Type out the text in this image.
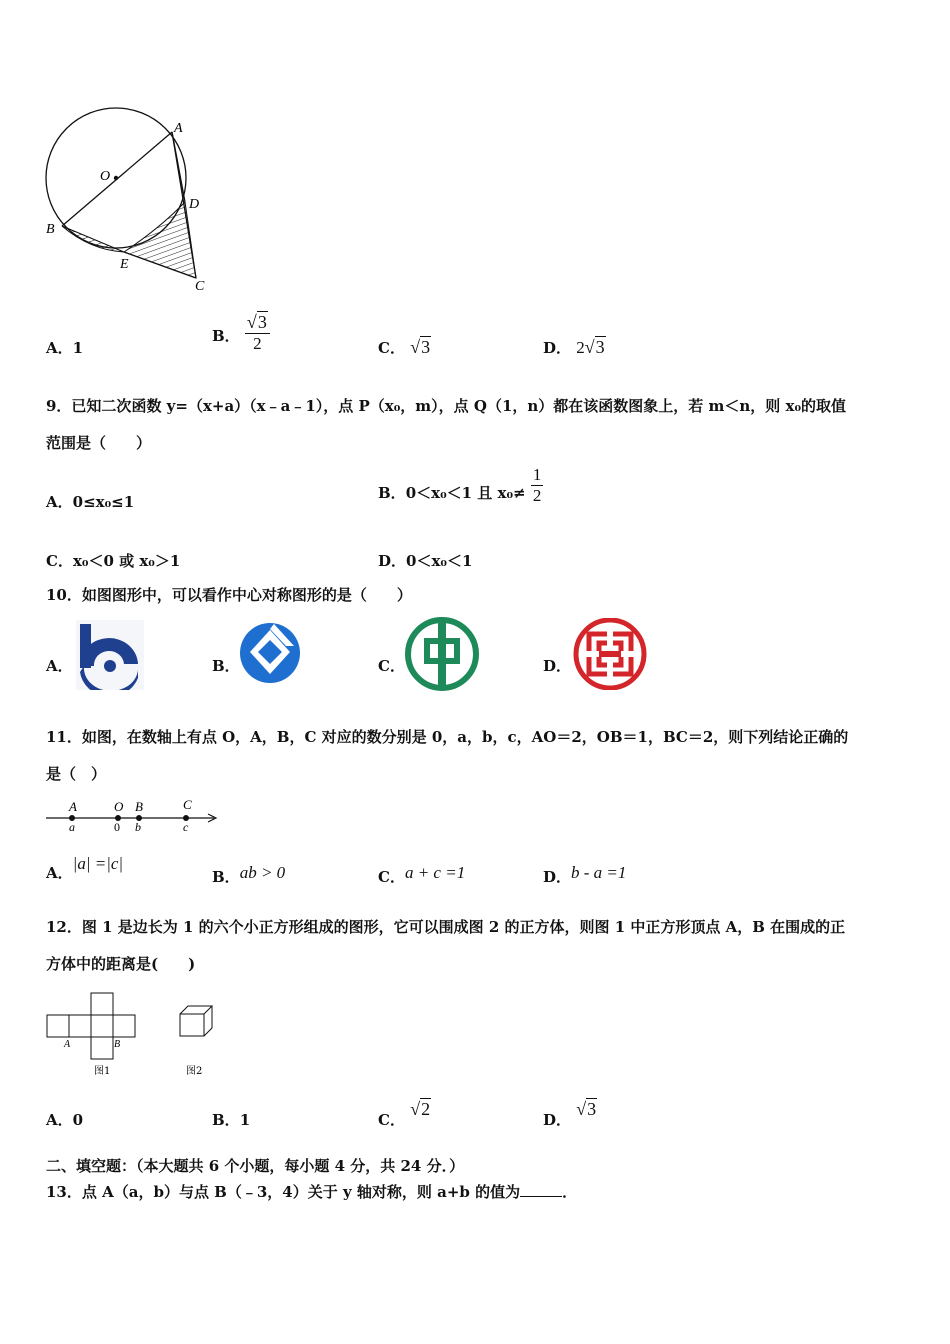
O
A
B
D
E
C
A．1
B． $\frac{√3}{2}$	C． √3	D． 2√3
9．已知二次函数 y=（x+a）（x﹣a﹣1），点 P（x₀，m），点 Q（1，n）都在该函数图象上，若 m＜n，则 x₀的取值
范围是（　　）
A．0≤x₀≤1	B．0＜x₀＜1 且 $x_0\ne \frac{1}{2}$
C．x₀＜0 或 x₀＞1	D．0＜x₀＜1
10．如图图形中，可以看作中心对称图形的是（　　）
A．	B．	C．	D．
11．如图，在数轴上有点 O，A，B，C 对应的数分别是 0，a，b，c，AO＝2，OB＝1，BC＝2，则下列结论正确的
是（　）
A	O B	C
a	0 b	c
A．|a| =|c|
B．ab > 0	C．a + c =1	D．b - a =1
12．图 1 是边长为 1 的六个小正方形组成的图形，它可以围成图 2 的正方体，则图 1 中正方形顶点 A，B 在围成的正
方体中的距离是(　　)
A	B
图1	图2
A．0	B．1	C． √2
D． √3
二、填空题：（本大题共 6 个小题，每小题 4 分，共 24 分．）
13．点 A（a，b）与点 B（﹣3，4）关于 y 轴对称，则 a+b 的值为	．
